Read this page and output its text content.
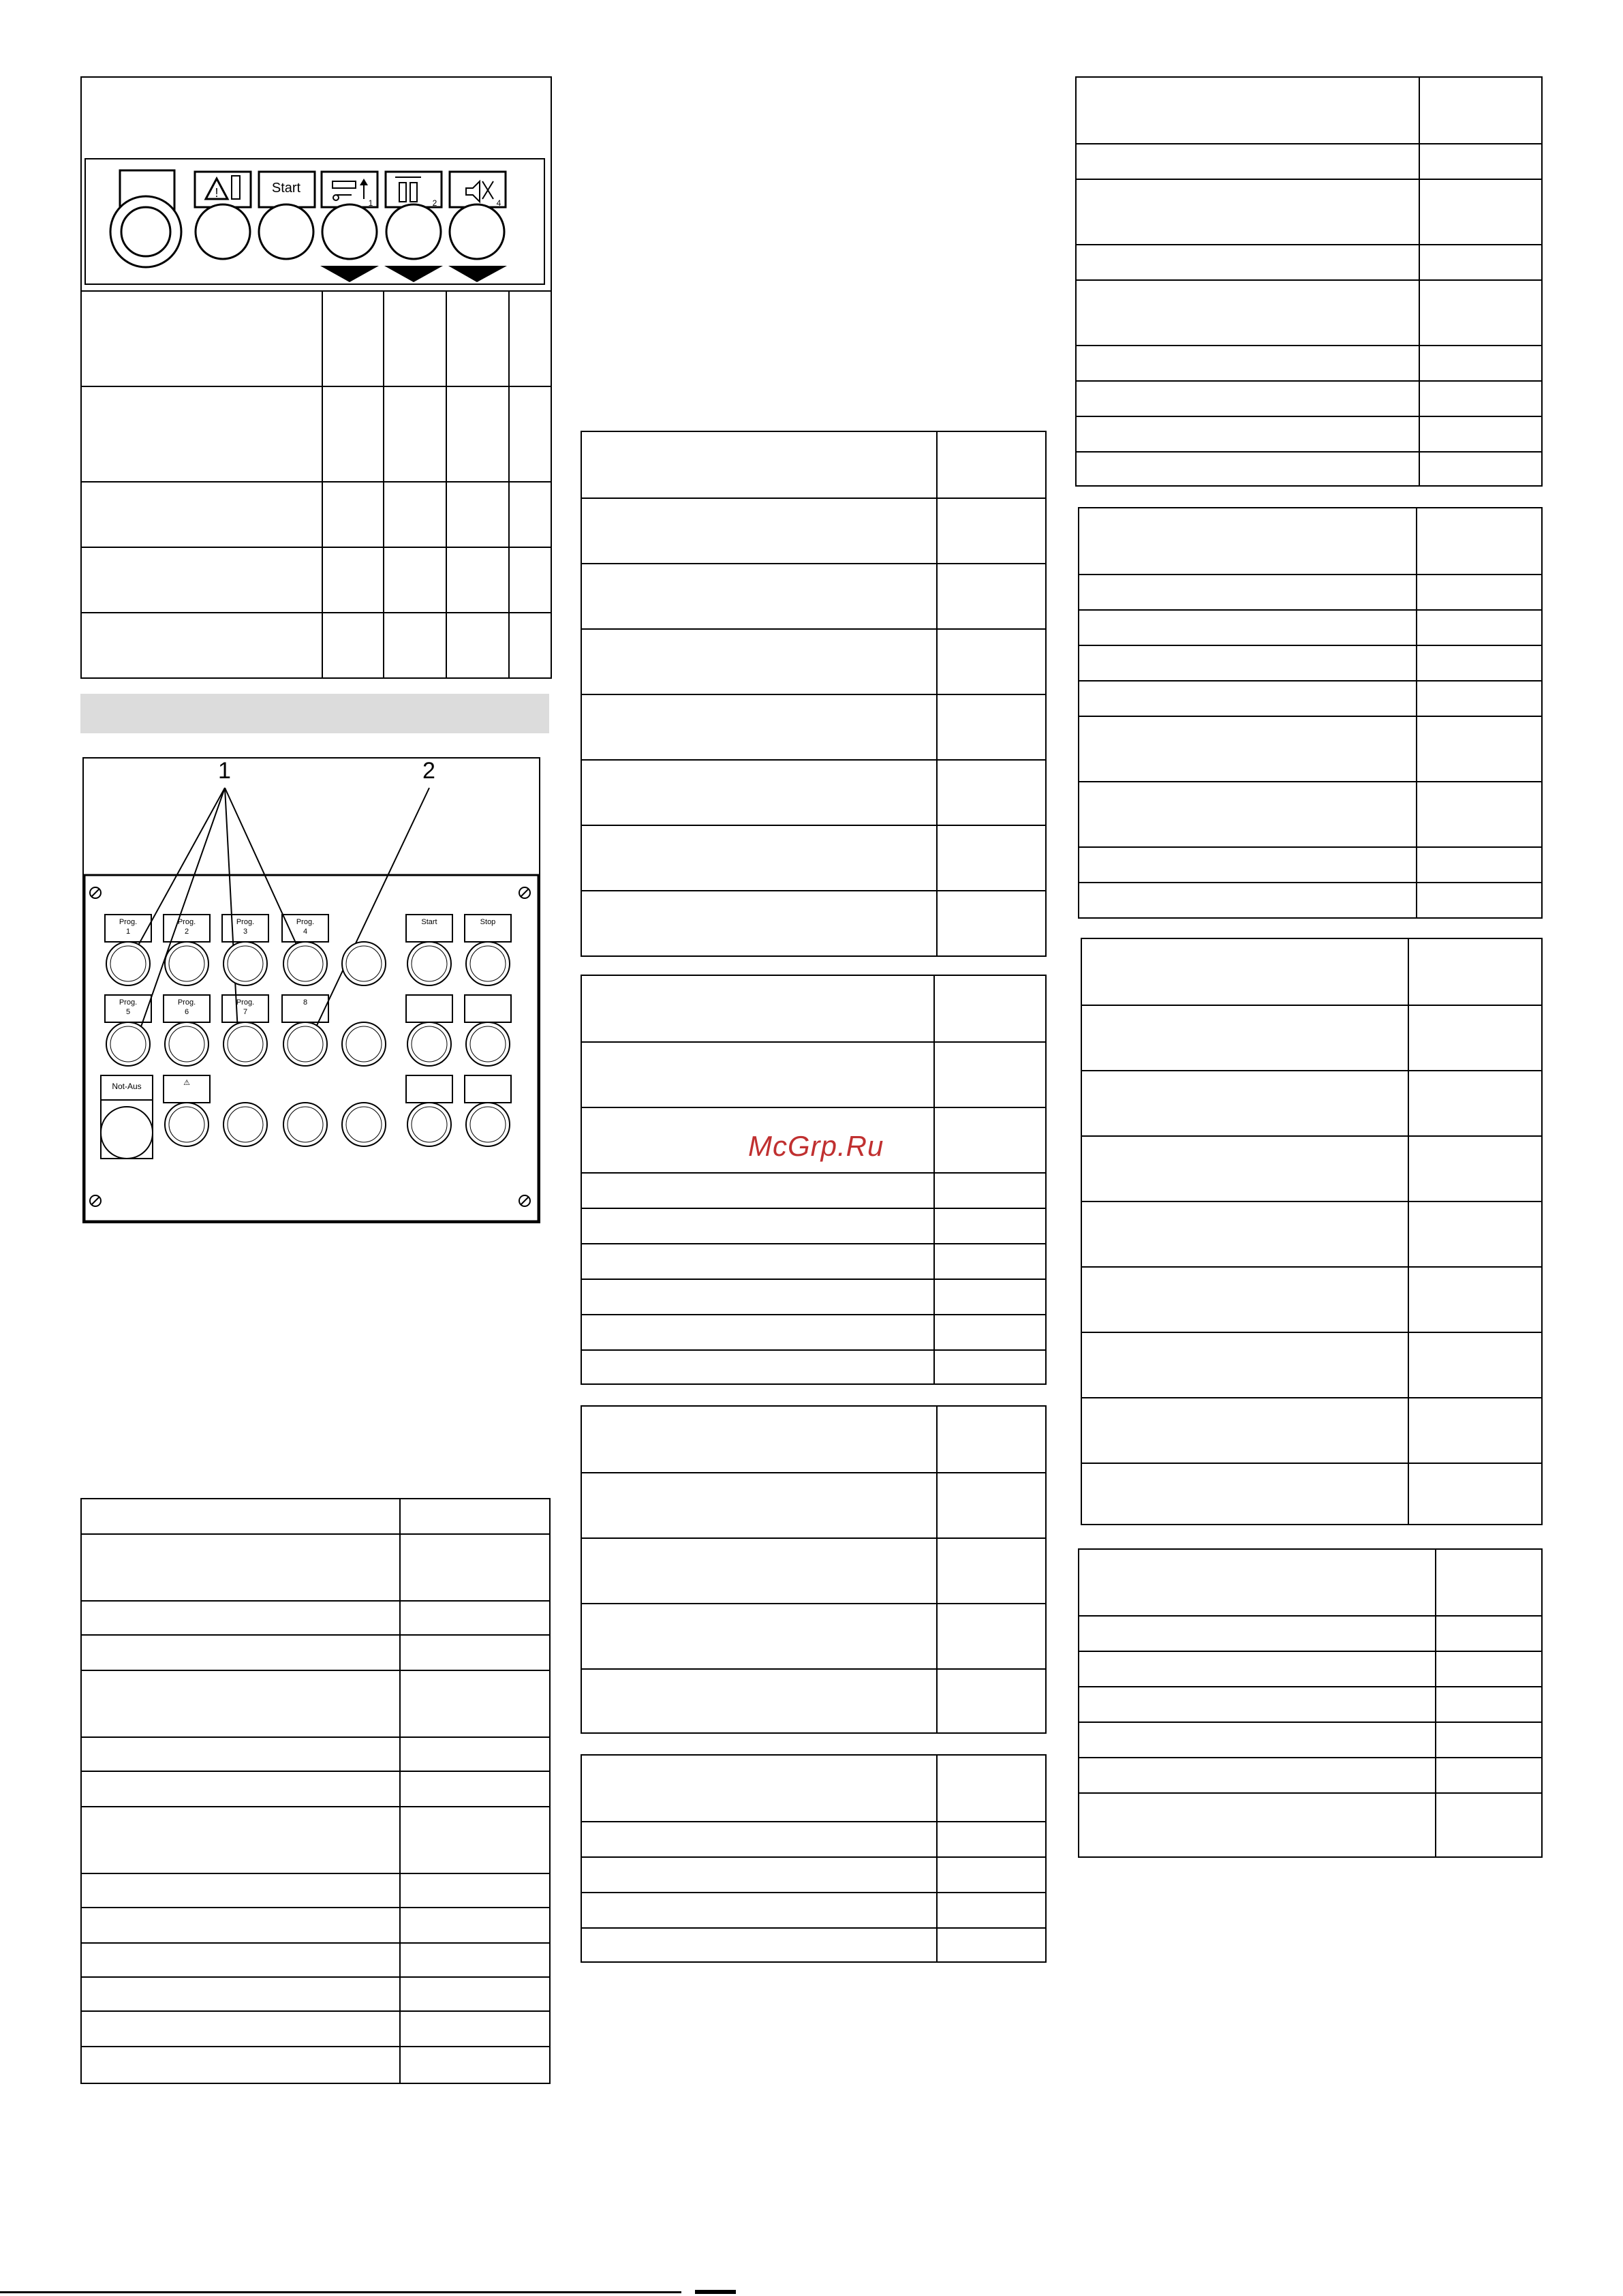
!	Start
1	2	4
Prog.
1
Prog.
2
Prog.
3
Prog.
4
Start	Stop
Prog.
5
Prog.
6
Prog.
7
8
Not-Aus	⚠
1	2
McGrp.Ru
